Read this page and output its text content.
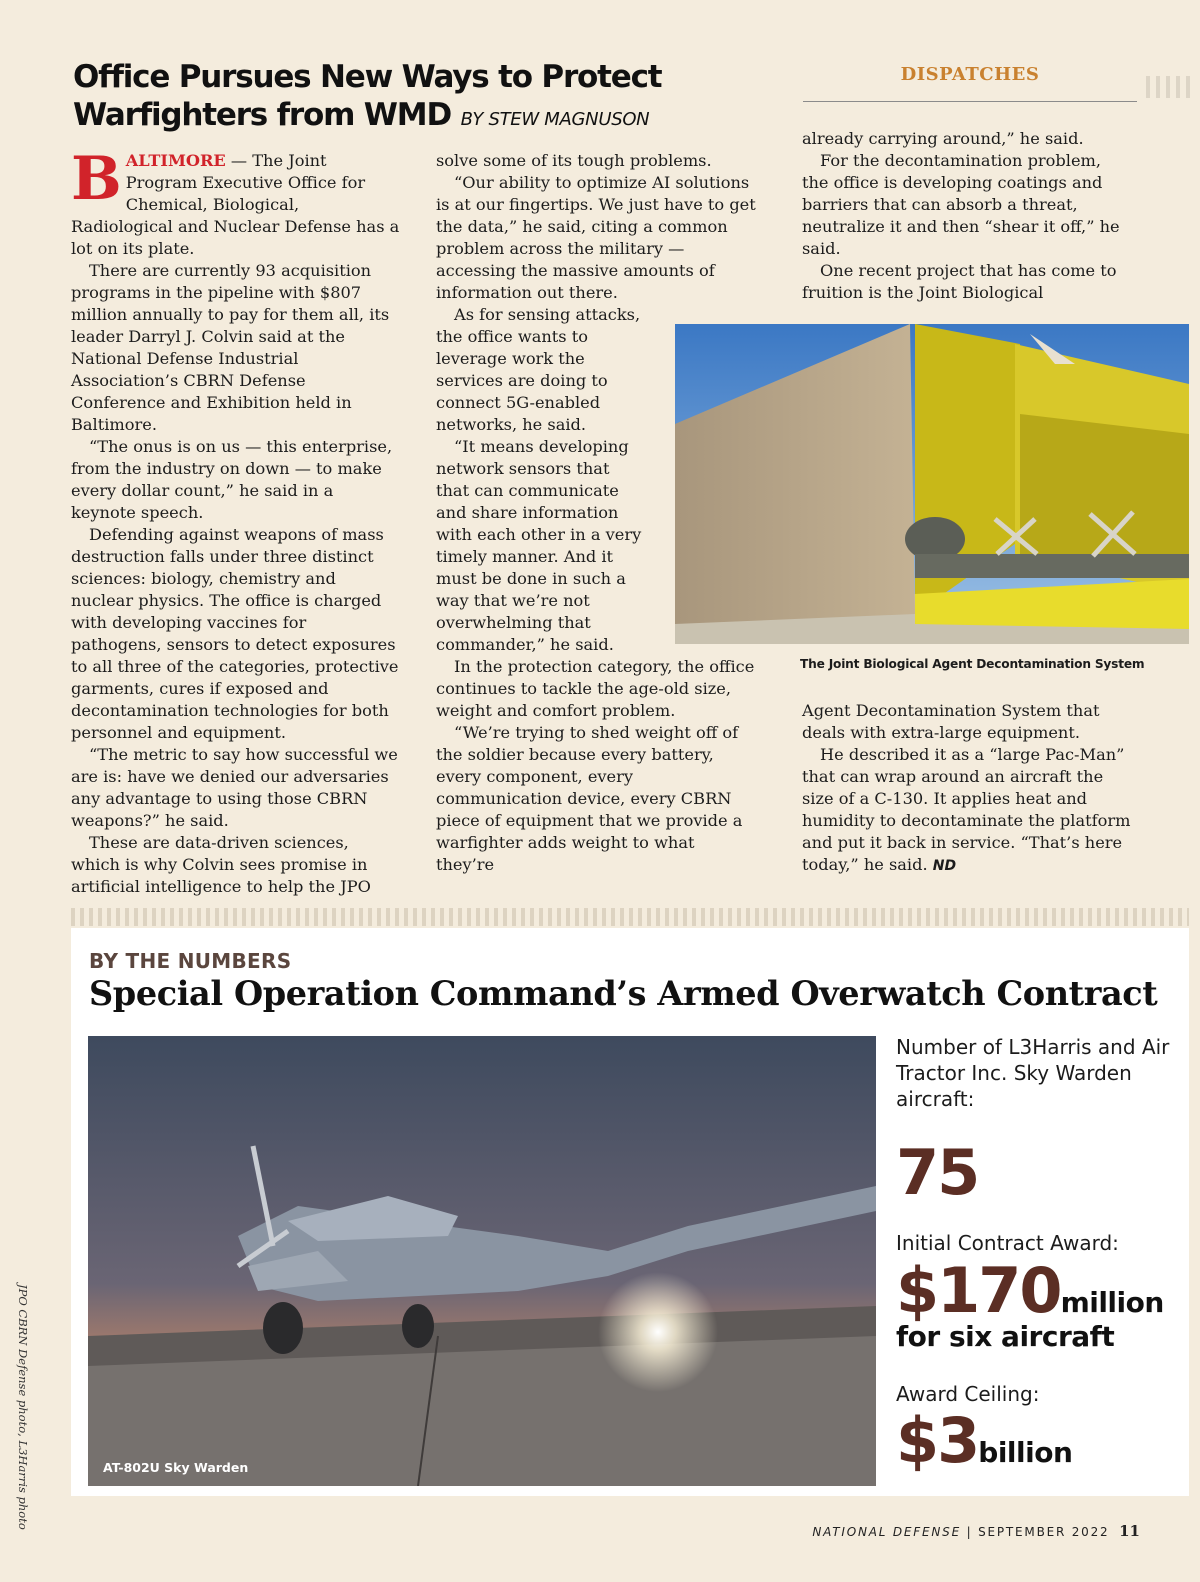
Office Pursues New Ways to Protect
Warfighters from WMD BY STEW MAGNUSON
DISPATCHES

BALTIMORE — The Joint Program Executive Office for Chemical, Biological, Radiological and Nuclear Defense has a lot on its plate.

There are currently 93 acquisition programs in the pipeline with $807 million annually to pay for them all, its leader Darryl J. Colvin said at the National Defense Industrial Association’s CBRN Defense Conference and Exhibition held in Baltimore.

“The onus is on us — this enterprise, from the industry on down — to make every dollar count,” he said in a keynote speech.

Defending against weapons of mass destruction falls under three distinct sciences: biology, chemistry and nuclear physics. The office is charged with developing vaccines for pathogens, sensors to detect exposures to all three of the categories, protective garments, cures if exposed and decontamination technologies for both personnel and equipment.

“The metric to say how successful we are is: have we denied our adversaries any advantage to using those CBRN weapons?” he said.

These are data-driven sciences, which is why Colvin sees promise in artificial intelligence to help the JPO

solve some of its tough problems.

“Our ability to optimize AI solutions is at our fingertips. We just have to get the data,” he said, citing a common problem across the military — accessing the massive amounts of information out there.

As for sensing attacks, the office wants to leverage work the services are doing to connect 5G-enabled networks, he said.

“It means developing network sensors that that can communicate and share information with each other in a very timely manner. And it must be done in such a way that we’re not overwhelming that commander,” he said.

In the protection category, the office continues to tackle the age-old size, weight and comfort problem.

“We’re trying to shed weight off of the soldier because every battery, every component, every communication device, every CBRN piece of equipment that we provide a warfighter adds weight to what they’re

already carrying around,” he said.

For the decontamination problem, the office is developing coatings and barriers that can absorb a threat, neutralize it and then “shear it off,” he said.

One recent project that has come to fruition is the Joint Biological

The Joint Biological Agent Decontamination System

Agent Decontamination System that deals with extra-large equipment.

He described it as a “large Pac-Man” that can wrap around an aircraft the size of a C-130. It applies heat and humidity to decontaminate the platform and put it back in service. “That’s here today,” he said. ND

BY THE NUMBERS
Special Operation Command’s Armed Overwatch Contract
AT-802U Sky Warden
Number of L3Harris and Air Tractor Inc. Sky Warden aircraft:
75
Initial Contract Award:
$170million
for six aircraft
Award Ceiling:
$3billion
JPO CBRN Defense photo, L3Harris photo
NATIONAL DEFENSE | SEPTEMBER 2022 11
